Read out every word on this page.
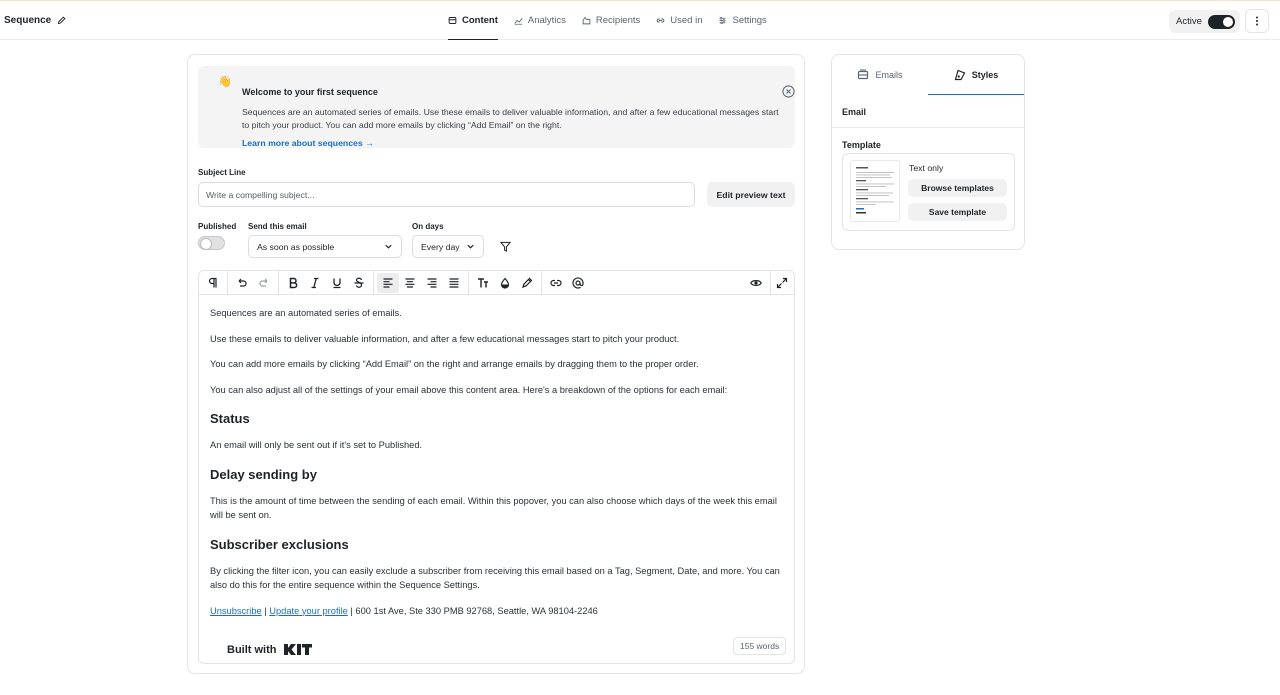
Sequence	Content	Analytics	Recipients	Used in	Settings	Active
👋
Welcome to your first sequence
Sequences are an automated series of emails. Use these emails to deliver valuable information, and after a few educational messages start to pitch your product. You can add more emails by clicking “Add Email” on the right.
Learn more about sequences →
Subject Line
Write a compelling subject...
Edit preview text
Published Send this email
As soon as possible
On days
Every day

Sequences are an automated series of emails.

Use these emails to deliver valuable information, and after a few educational messages start to pitch your product.

You can add more emails by clicking “Add Email” on the right and arrange emails by dragging them to the proper order.

You can also adjust all of the settings of your email above this content area. Here's a breakdown of the options for each email:

Status

An email will only be sent out if it's set to Published.

Delay sending by

This is the amount of time between the sending of each email. Within this popover, you can also choose which days of the week this email will be sent on.

Subscriber exclusions

By clicking the filter icon, you can easily exclude a subscriber from receiving this email based on a Tag, Segment, Date, and more. You can also do this for the entire sequence within the Sequence Settings.

Unsubscribe | Update your profile | 600 1st Ave, Ste 330 PMB 92768, Seattle, WA 98104-2246

Built with	155 words
Emails	Styles
Email
Template
Text only
Browse templates
Save template
